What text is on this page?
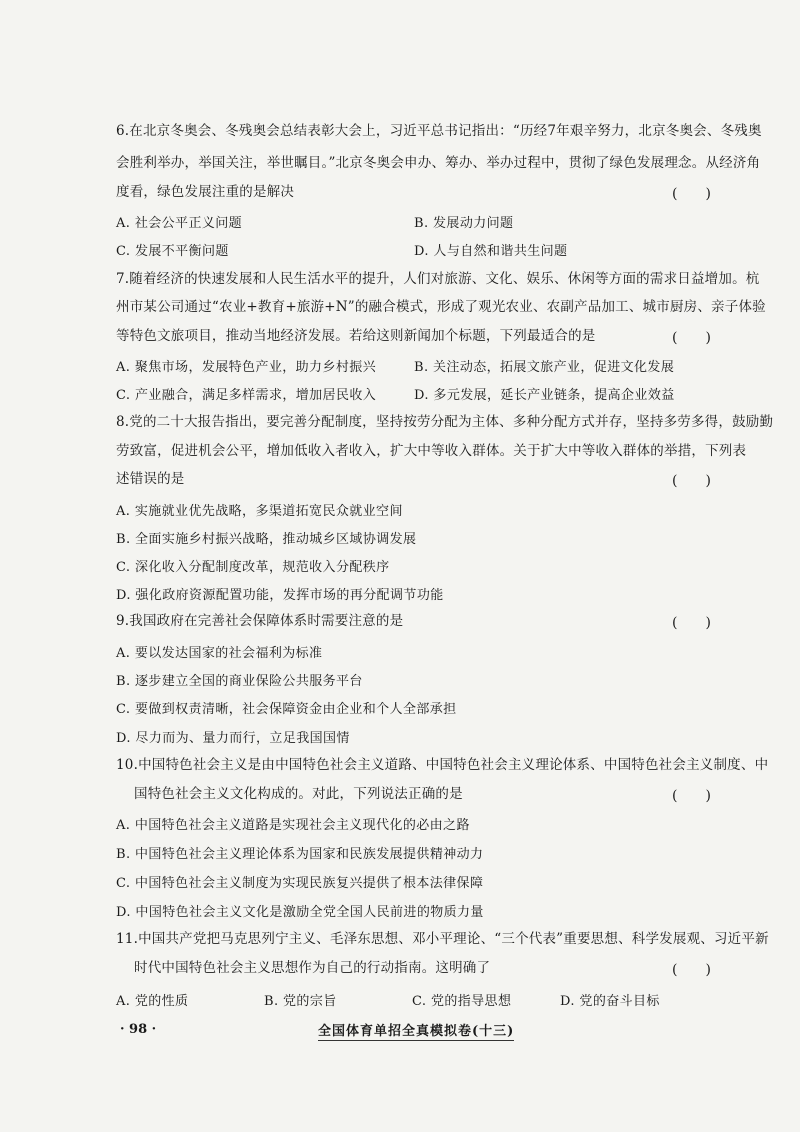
6.在北京冬奥会、冬残奥会总结表彰大会上，习近平总书记指出：“历经7年艰辛努力，北京冬奥会、冬残奥
会胜利举办，举国关注，举世瞩目。”北京冬奥会申办、筹办、举办过程中，贯彻了绿色发展理念。从经济角
度看，绿色发展注重的是解决	(　　)
A. 社会公平正义问题	B. 发展动力问题
C. 发展不平衡问题	D. 人与自然和谐共生问题
7.随着经济的快速发展和人民生活水平的提升，人们对旅游、文化、娱乐、休闲等方面的需求日益增加。杭
州市某公司通过“农业+教育+旅游+N”的融合模式，形成了观光农业、农副产品加工、城市厨房、亲子体验
等特色文旅项目，推动当地经济发展。若给这则新闻加个标题，下列最适合的是	(　　)
A. 聚焦市场，发展特色产业，助力乡村振兴	B. 关注动态，拓展文旅产业，促进文化发展
C. 产业融合，满足多样需求，增加居民收入	D. 多元发展，延长产业链条，提高企业效益
8.党的二十大报告指出，要完善分配制度，坚持按劳分配为主体、多种分配方式并存，坚持多劳多得，鼓励勤
劳致富，促进机会公平，增加低收入者收入，扩大中等收入群体。关于扩大中等收入群体的举措，下列表
述错误的是	(　　)
A. 实施就业优先战略，多渠道拓宽民众就业空间
B. 全面实施乡村振兴战略，推动城乡区域协调发展
C. 深化收入分配制度改革，规范收入分配秩序
D. 强化政府资源配置功能，发挥市场的再分配调节功能
9.我国政府在完善社会保障体系时需要注意的是	(　　)
A. 要以发达国家的社会福利为标准
B. 逐步建立全国的商业保险公共服务平台
C. 要做到权责清晰，社会保障资金由企业和个人全部承担
D. 尽力而为、量力而行，立足我国国情
10.中国特色社会主义是由中国特色社会主义道路、中国特色社会主义理论体系、中国特色社会主义制度、中
国特色社会主义文化构成的。对此，下列说法正确的是	(　　)
A. 中国特色社会主义道路是实现社会主义现代化的必由之路
B. 中国特色社会主义理论体系为国家和民族发展提供精神动力
C. 中国特色社会主义制度为实现民族复兴提供了根本法律保障
D. 中国特色社会主义文化是激励全党全国人民前进的物质力量
11.中国共产党把马克思列宁主义、毛泽东思想、邓小平理论、“三个代表”重要思想、科学发展观、习近平新
时代中国特色社会主义思想作为自己的行动指南。这明确了	(　　)
A. 党的性质	B. 党的宗旨	C. 党的指导思想	D. 党的奋斗目标
· 98 ·	全国体育单招全真模拟卷(十三)
